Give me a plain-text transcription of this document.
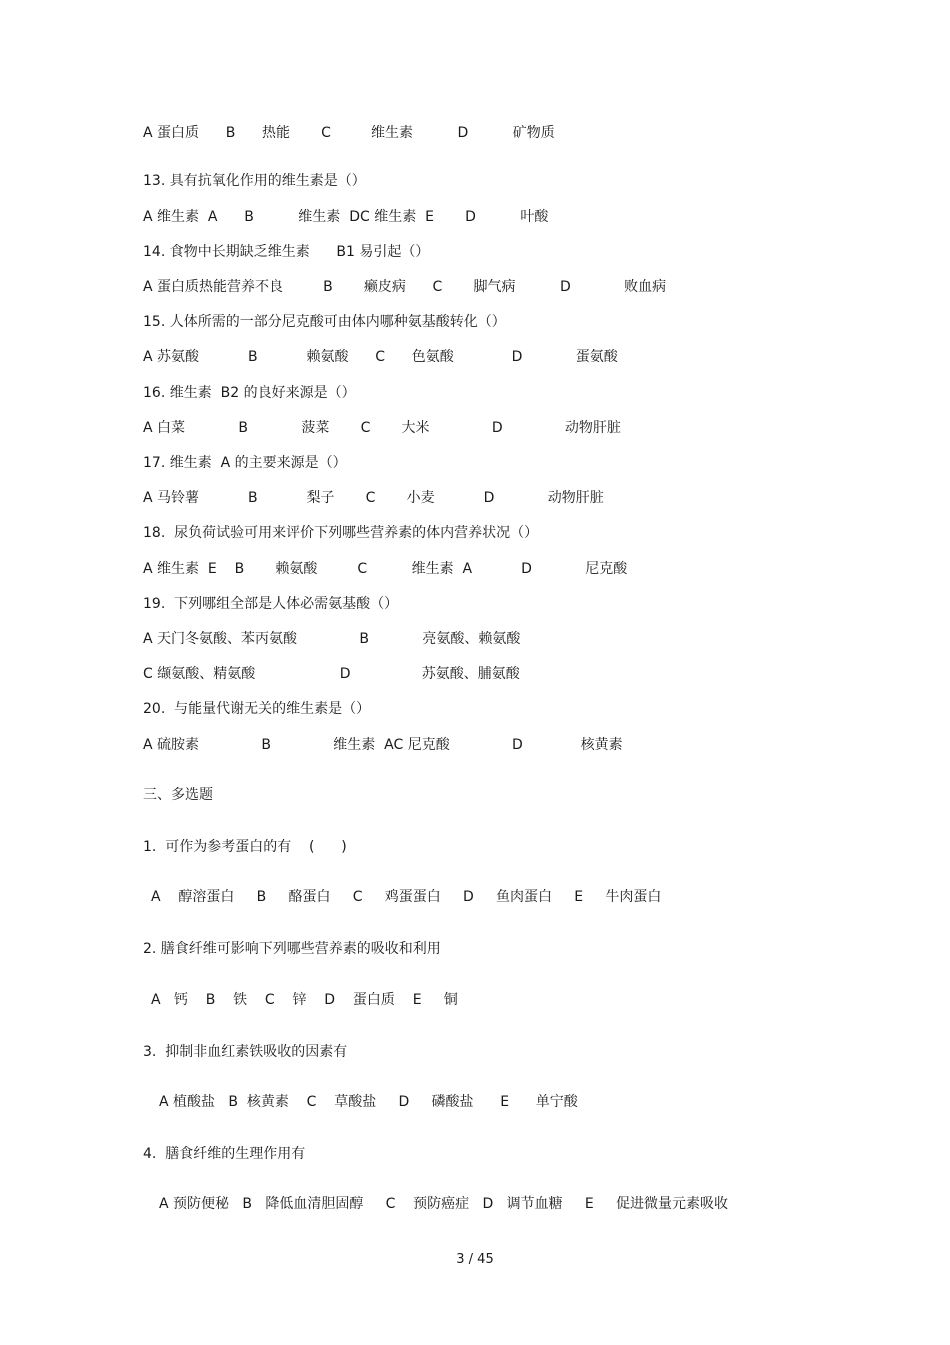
A 蛋白质      B      热能       C         维生素          D          矿物质
13. 具有抗氧化作用的维生素是（）
A 维生素  A      B          维生素  DC 维生素  E       D          叶酸
14. 食物中长期缺乏维生素      B1 易引起（）
A 蛋白质热能营养不良         B       癞皮病      C       脚气病          D            败血病
15. 人体所需的一部分尼克酸可由体内哪种氨基酸转化（）
A 苏氨酸           B           赖氨酸      C      色氨酸             D            蛋氨酸
16. 维生素  B2 的良好来源是（）
A 白菜            B            菠菜       C       大米              D              动物肝脏
17. 维生素  A 的主要来源是（）
A 马铃薯           B           梨子       C       小麦           D            动物肝脏
18.  尿负荷试验可用来评价下列哪些营养素的体内营养状况（）
A 维生素  E    B       赖氨酸         C          维生素  A           D            尼克酸
19.  下列哪组全部是人体必需氨基酸（）
A 天门冬氨酸、苯丙氨酸              B            亮氨酸、赖氨酸
C 缬氨酸、精氨酸                   D                苏氨酸、脯氨酸
20.  与能量代谢无关的维生素是（）
A 硫胺素              B              维生素  AC 尼克酸              D             核黄素
三、多选题
1.  可作为参考蛋白的有    (      )
A    醇溶蛋白     B     酪蛋白     C     鸡蛋蛋白     D     鱼肉蛋白     E     牛肉蛋白
2. 膳食纤维可影响下列哪些营养素的吸收和利用
A   钙    B    铁    C    锌    D    蛋白质    E     铜
3.  抑制非血红素铁吸收的因素有
A 植酸盐   B  核黄素    C    草酸盐     D     磷酸盐      E      单宁酸
4.  膳食纤维的生理作用有
A 预防便秘   B   降低血清胆固醇     C    预防癌症   D   调节血糖     E     促进微量元素吸收
3 / 45
